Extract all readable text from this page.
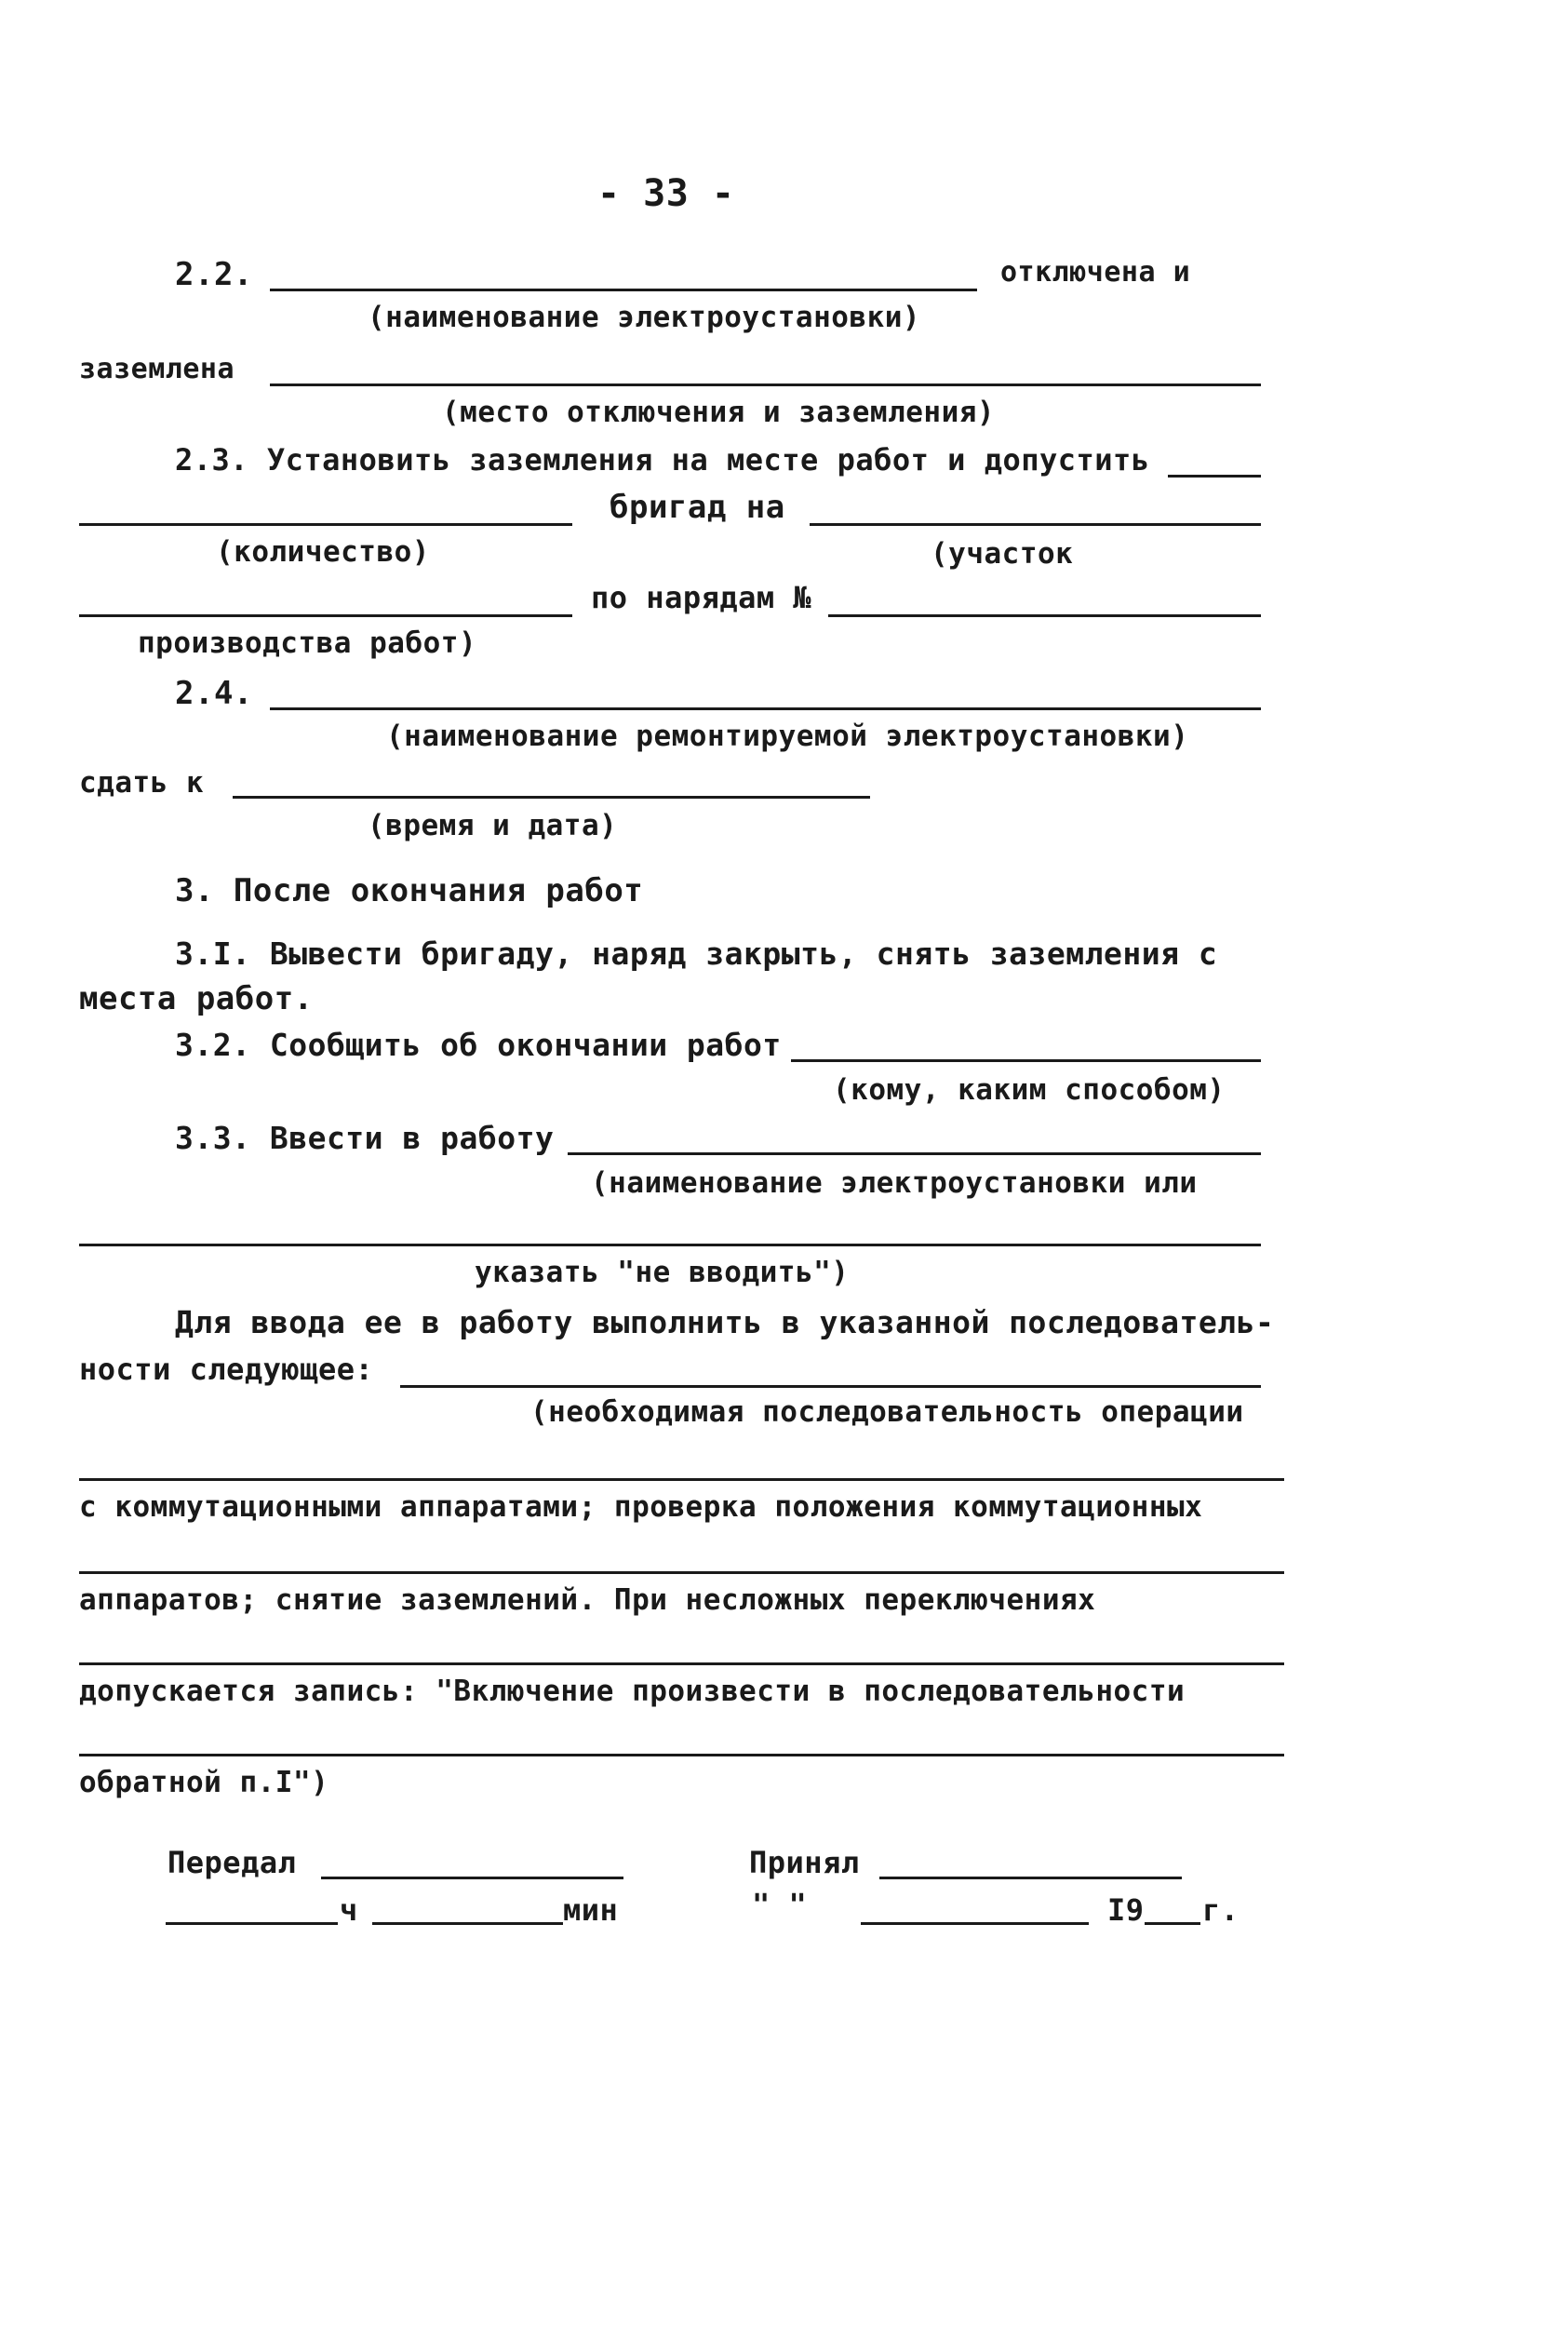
- 33 -
2.2.	отключена и
(наименование электроустановки)
заземлена
(место отключения и заземления)
2.3. Установить заземления на месте работ и допустить
бригад на
(количество)	(участок
по нарядам №
производства работ)
2.4.
(наименование ремонтируемой электроустановки)
сдать к
(время и дата)
3. После окончания работ
3.I. Вывести бригаду, наряд закрыть, снять заземления с
места работ.
3.2. Сообщить об окончании работ
(кому, каким способом)
3.3. Ввести в работу
(наименование электроустановки или
указать "не вводить")
Для ввода ее в работу выполнить в указанной последователь-
ности следующее:
(необходимая последовательность операции
с коммутационными аппаратами; проверка положения коммутационных
аппаратов; снятие заземлений. При несложных переключениях
допускается запись: "Включение произвести в последовательности
обратной п.I")
Передал	Принял
ч	мин	" "	I9 г.
